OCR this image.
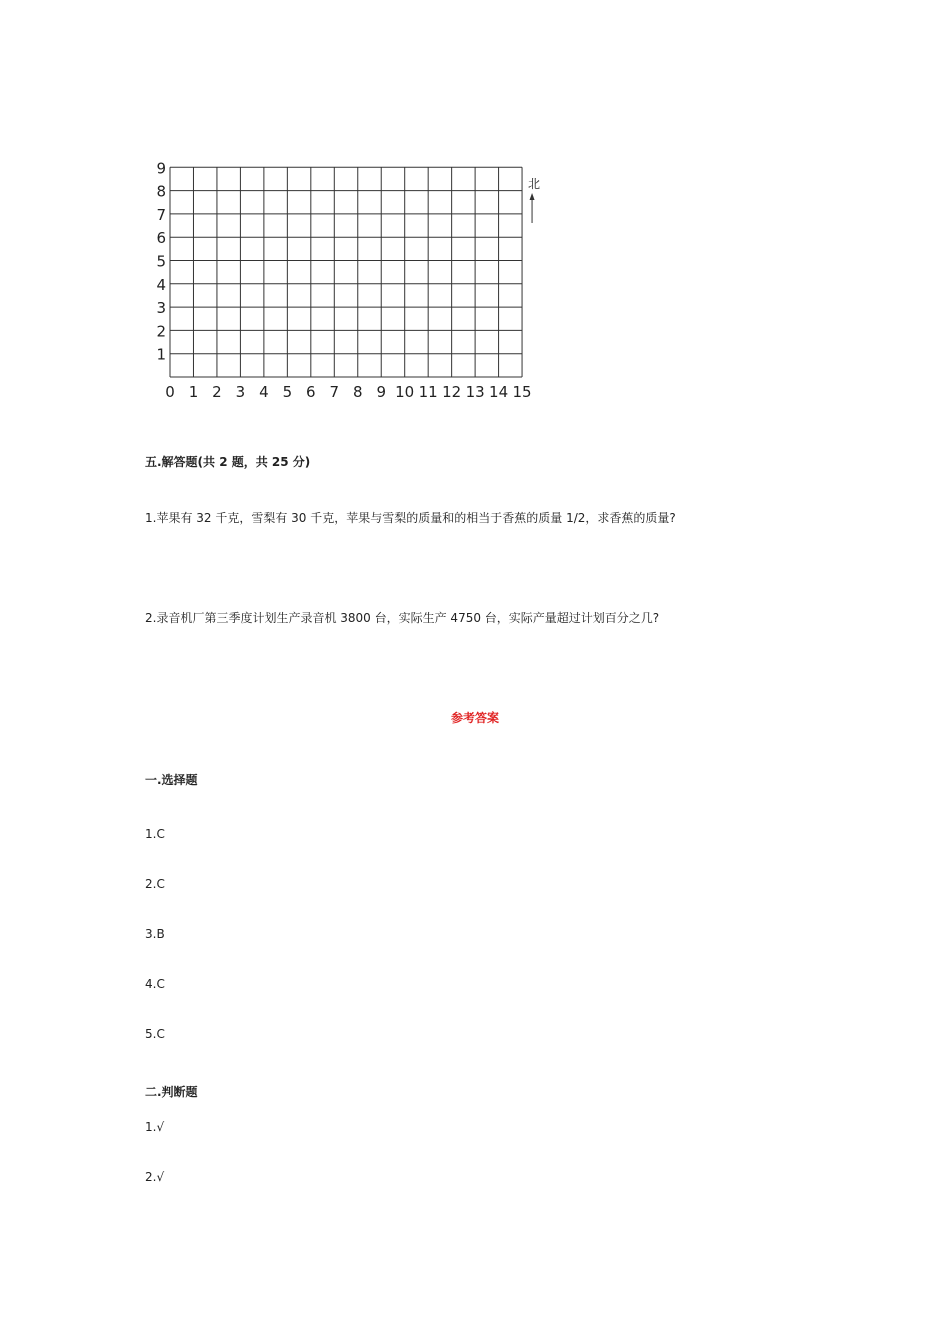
0 1 2 3 4 5 6 7 8 9 10 11 12 13 14 15
1
2
3
4
5
6
7
8
9
北

五.解答题(共 2 题，共 25 分)

1.苹果有 32 千克，雪梨有 30 千克，苹果与雪梨的质量和的相当于香蕉的质量 1/2，求香蕉的质量?

2.录音机厂第三季度计划生产录音机 3800 台，实际生产 4750 台，实际产量超过计划百分之几?

参考答案

一.选择题

1.C

2.C

3.B

4.C

5.C

二.判断题

1.√

2.√
